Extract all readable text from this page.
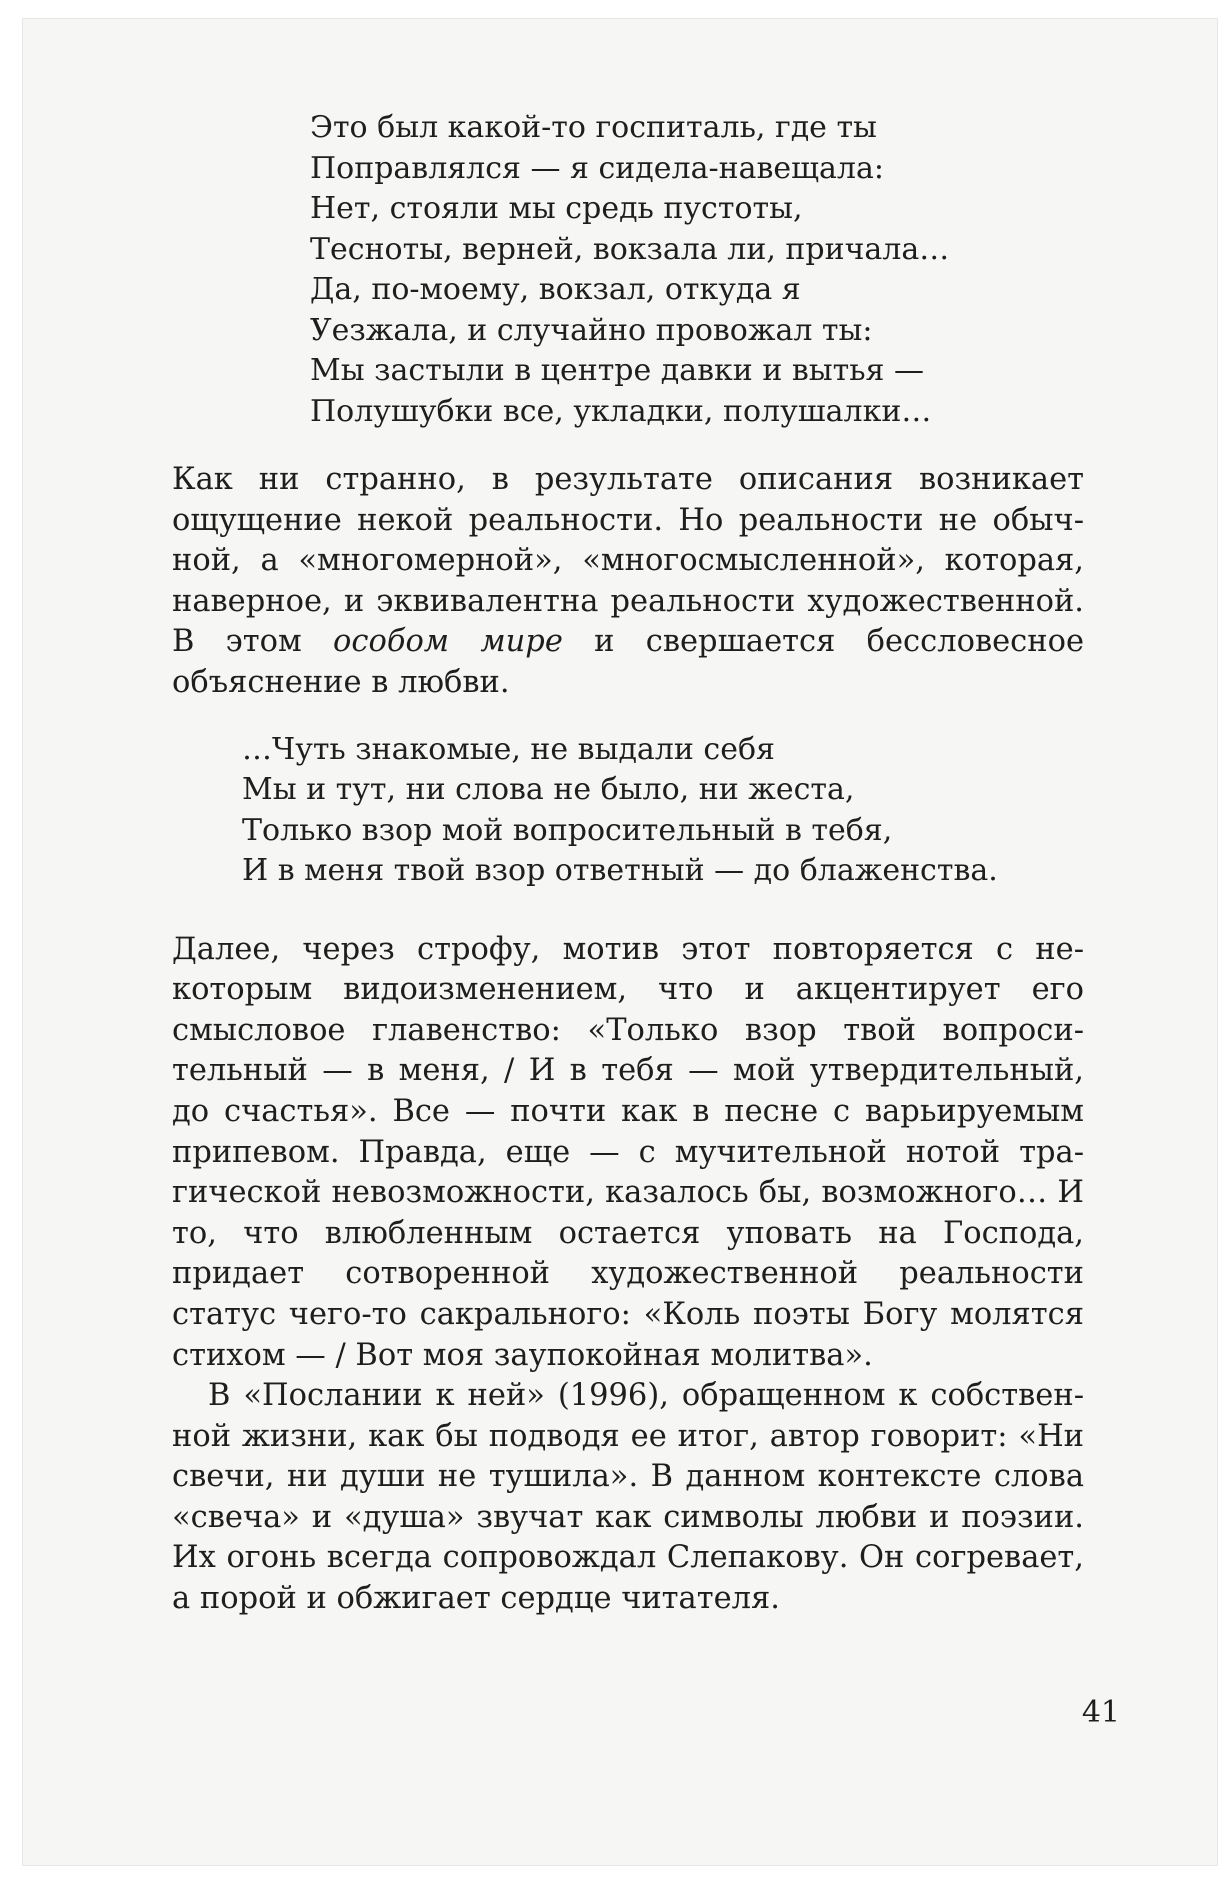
Это был какой-то госпиталь, где ты
Поправлялся — я сидела-навещала:
Нет, стояли мы средь пустоты,
Тесноты, верней, вокзала ли, причала…
Да, по-моему, вокзал, откуда я
Уезжала, и случайно провожал ты:
Мы застыли в центре давки и вытья —
Полушубки все, укладки, полушалки…

Как ни странно, в результате описания возникает ощущение некой реальности. Но реальности не обычной, а «многомерной», «многосмысленной», которая, наверное, и эквивалентна реальности художественной. В этом особом мире и свершается бессловесное объяснение в любви.

…Чуть знакомые, не выдали себя
Мы и тут, ни слова не было, ни жеста,
Только взор мой вопросительный в тебя,
И в меня твой взор ответный — до блаженства.

Далее, через строфу, мотив этот повторяется с некоторым видоизменением, что и акцентирует его смысловое главенство: «Только взор твой вопросительный — в меня, / И в тебя — мой утвердительный, до счастья». Все — почти как в песне с варьируемым припевом. Правда, еще — с мучительной нотой трагической невозможности, казалось бы, возможного… И то, что влюбленным остается уповать на Господа, придает сотворенной художественной реальности статус чего-то сакрального: «Коль поэты Богу молятся стихом — / Вот моя заупокойная молитва».

В «Послании к ней» (1996), обращенном к собственной жизни, как бы подводя ее итог, автор говорит: «Ни свечи, ни души не тушила». В данном контексте слова «свеча» и «душа» звучат как символы любви и поэзии. Их огонь всегда сопровождал Слепакову. Он согревает, а порой и обжигает сердце читателя.

41
